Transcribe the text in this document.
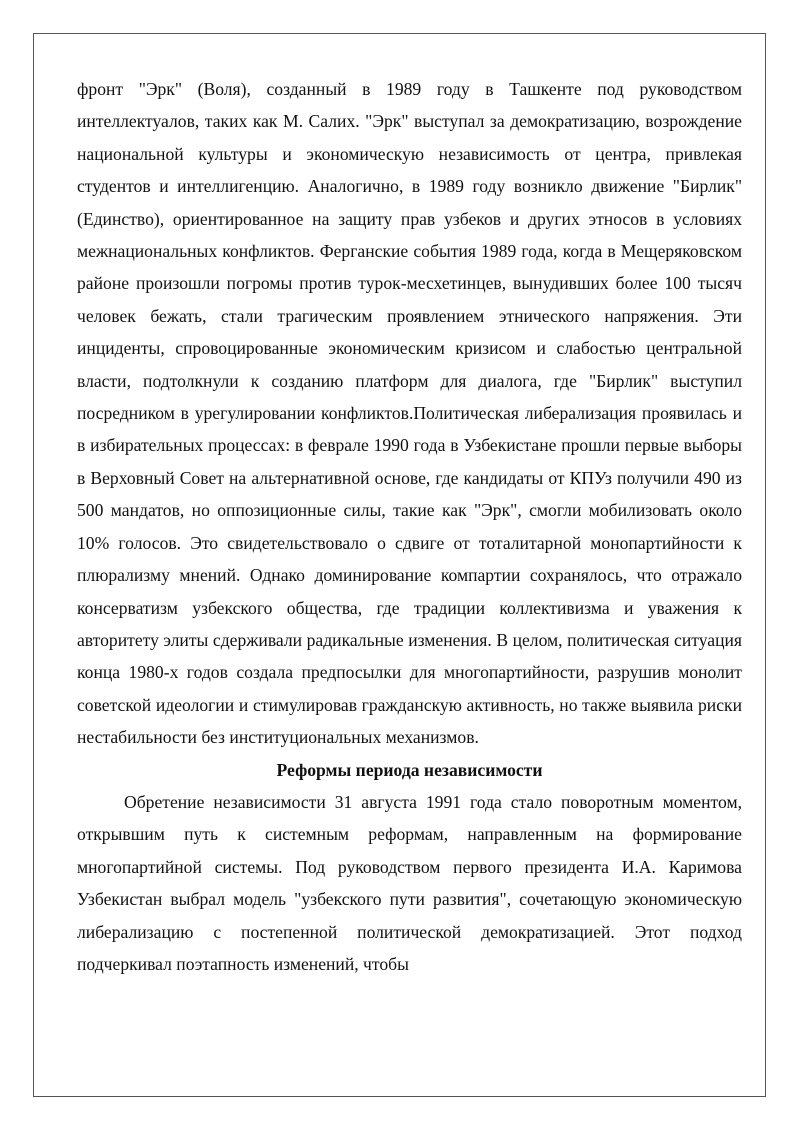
фронт "Эрк" (Воля), созданный в 1989 году в Ташкенте под руководством интеллектуалов, таких как М. Салих. "Эрк" выступал за демократизацию, возрождение национальной культуры и экономическую независимость от центра, привлекая студентов и интеллигенцию. Аналогично, в 1989 году возникло движение "Бирлик" (Единство), ориентированное на защиту прав узбеков и других этносов в условиях межнациональных конфликтов. Ферганские события 1989 года, когда в Мещеряковском районе произошли погромы против турок-месхетинцев, вынудивших более 100 тысяч человек бежать, стали трагическим проявлением этнического напряжения. Эти инциденты, спровоцированные экономическим кризисом и слабостью центральной власти, подтолкнули к созданию платформ для диалога, где "Бирлик" выступил посредником в урегулировании конфликтов.Политическая либерализация проявилась и в избирательных процессах: в феврале 1990 года в Узбекистане прошли первые выборы в Верховный Совет на альтернативной основе, где кандидаты от КПУз получили 490 из 500 мандатов, но оппозиционные силы, такие как "Эрк", смогли мобилизовать около 10% голосов. Это свидетельствовало о сдвиге от тоталитарной монопартийности к плюрализму мнений. Однако доминирование компартии сохранялось, что отражало консерватизм узбекского общества, где традиции коллективизма и уважения к авторитету элиты сдерживали радикальные изменения. В целом, политическая ситуация конца 1980-х годов создала предпосылки для многопартийности, разрушив монолит советской идеологии и стимулировав гражданскую активность, но также выявила риски нестабильности без институциональных механизмов.

Реформы периода независимости

Обретение независимости 31 августа 1991 года стало поворотным моментом, открывшим путь к системным реформам, направленным на формирование многопартийной системы. Под руководством первого президента И.А. Каримова Узбекистан выбрал модель "узбекского пути развития", сочетающую экономическую либерализацию с постепенной политической демократизацией. Этот подход подчеркивал поэтапность изменений, чтобы
